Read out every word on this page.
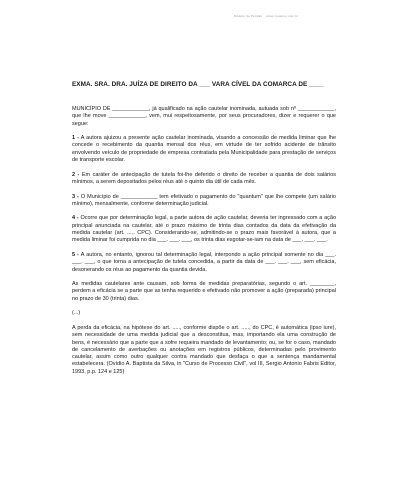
Modelo de Petição www.modelos.com.br
EXMA. SRA. DRA. JUÍZA DE DIREITO DA ___ VARA CÍVEL DA COMARCA DE ____

MUNICÍPIO DE ____________, já qualificado na ação cautelar inominada, autuada sob nº ____________, que lhe move ____________, vem, mui respeitosamente, por seus procuradores, dizer e requerer o que segue:

1 - A autora ajuizou a presente ação cautelar inominada, visando a concessão de medida liminar que lhe concede o recebimento da quantia mensal dos réus, em virtude de ter sofrido acidente de trânsito envolvendo veículo de propriedade de empresa contratada pela Municipalidade para prestação de serviços de transporte escolar.

2 - Em caráter de antecipação de tutela foi-lhe deferido o direito de receber a quantia de dois salários mínimos, a serem depositados pelos réus até o quinto dia útil de cada mês.

3 - O Município de ____________ tem efetivado o pagamento do "quantum" que lhe compete (um salário mínimo), mensalmente, conforme determinação judicial.

4 - Ocorre que por determinação legal, a parte autora de ação cautelar, deveria ter ingressado com a ação principal anunciada na cautelar, até o prazo máximo de trinta dias contados da data da efetivação da medida cautelar (art. ..... CPC). Considerando-se, admitindo-se o prazo mais favorável à autora, que a medida liminar foi cumprida no dia ___. ___. ___, os trinta dias esgotar-se-iam na data de ___. ___. ___.

5 - A autora, no entanto, ignorou tal determinação legal, interpondo a ação principal somente no dia ___. ___. ___, o que torna a antecipação de tutela concedida, a partir da data de ___. ___. ___, sem eficácia, desonerando os réus ao pagamento da quantia devida.

As medidas cautelares ante causam, sob forma de medidas preparatórias, segundo o art. ________, perdem a eficácia se a parte que as tenha requerido e efetivado não promover a ação (preparada) principal no prazo de 30 (trinta) dias.

(...)

A perda da eficácia, na hipótese do art. ....., conforme dispõe o art. ....., do CPC, é automática (ipso iure), sem necessidade de uma medida judicial que a desconstitua, mas, importando ela uma construção de bens, é necessário que a parte que a sofre requeira mandado de levantamento; ou, se for o caso, mandado de cancelamento de averbações ou anotações em registros públicos, determinadas pelo provimento cautelar, assim como outro qualquer contra mandado que desfaça o que a sentença mandamental estabelecera. (Ovídio A. Baptista da Silva, in "Curso de Processo Civil", vol III, Sergio Antonio Fabris Editor, 1993, p.p. 124 e 125)
